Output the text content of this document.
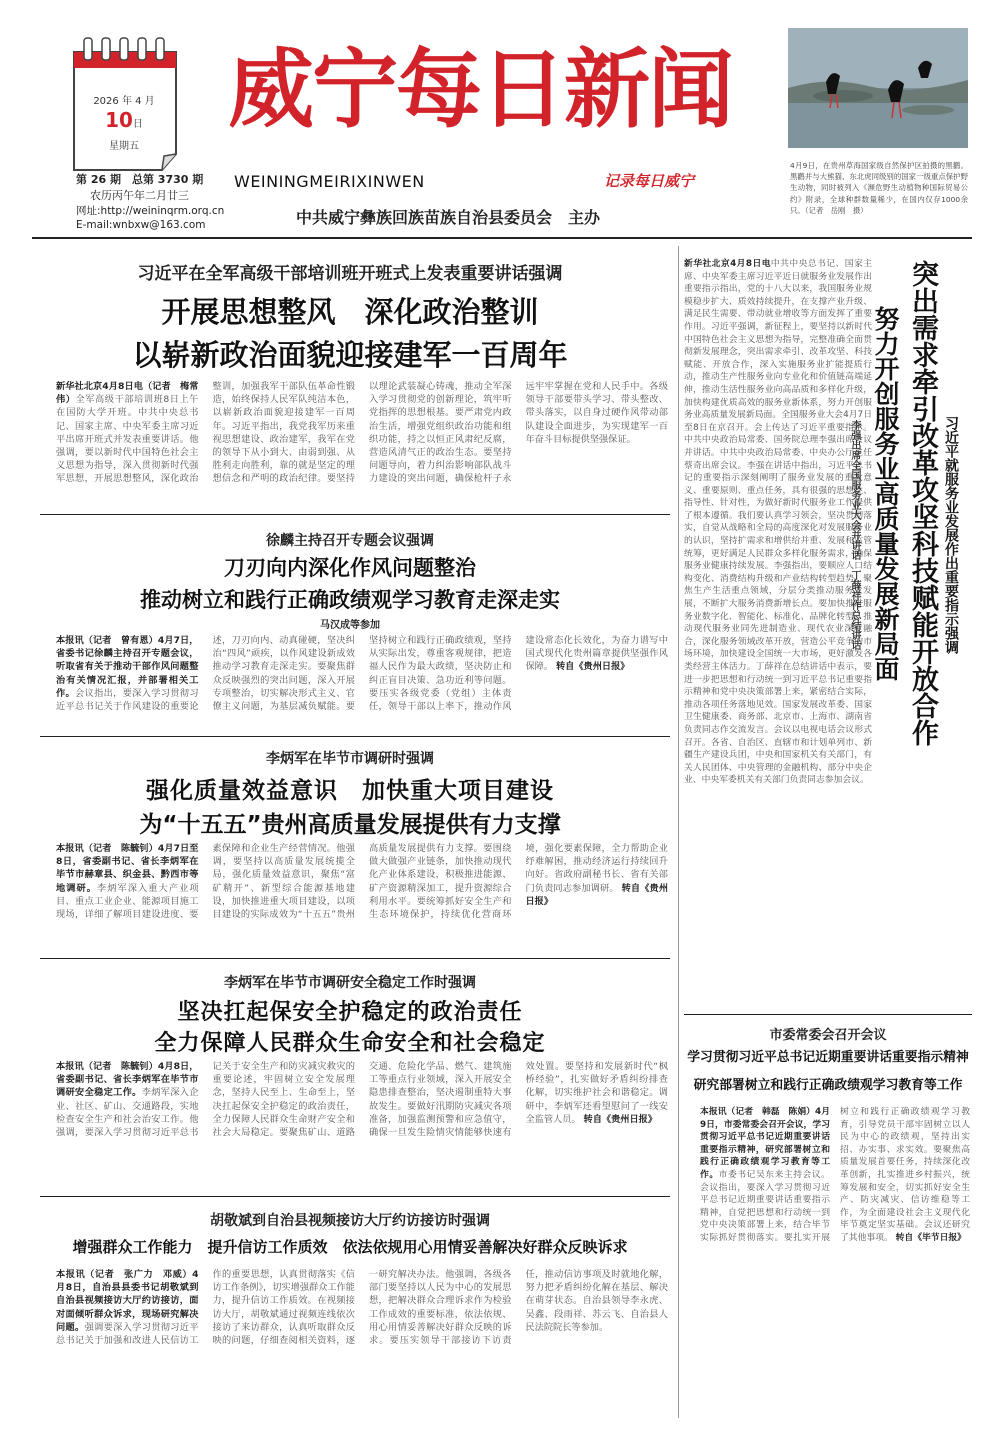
2026 年 4 月
10日
星期五
第 26 期　总第 3730 期
农历丙午年二月廿三
网址:http://weininqrm.orq.cn
E-mail:wnbxw@163.com
威宁每日新闻
WEININGMEIRIXINWEN	记录每日威宁
中共威宁彝族回族苗族自治县委员会　主办
4月9日，在贵州草海国家级自然保护区拍摄的黑鹳。黑鹳并与大熊猫、东北虎同级别的国家一级重点保护野生动物，同时被列入《濒危野生动植物种国际贸易公约》附录，全球种群数量稀少，在国内仅存1000余只。（记者　岳刚　摄）
习近平在全军高级干部培训班开班式上发表重要讲话强调
开展思想整风　深化政治整训
以崭新政治面貌迎接建军一百周年
新华社北京4月8日电（记者　梅常伟）全军高级干部培训班8日上午在国防大学开班。中共中央总书记、国家主席、中央军委主席习近平出席开班式并发表重要讲话。他强调，要以新时代中国特色社会主义思想为指导，深入贯彻新时代强军思想，开展思想整风，深化政治整训，加强我军干部队伍革命性锻造，始终保持人民军队纯洁本色，以崭新政治面貌迎接建军一百周年。习近平指出，我党我军历来重视思想建设、政治建军，我军在党的领导下从小到大、由弱到强、从胜利走向胜利，靠的就是坚定的理想信念和严明的政治纪律。要坚持以理论武装凝心铸魂，推动全军深入学习贯彻党的创新理论，筑牢听党指挥的思想根基。要严肃党内政治生活，增强党组织政治功能和组织功能，持之以恒正风肃纪反腐，营造风清气正的政治生态。要坚持问题导向，着力纠治影响部队战斗力建设的突出问题，确保枪杆子永远牢牢掌握在党和人民手中。各级领导干部要带头学习、带头整改、带头落实，以自身过硬作风带动部队建设全面进步，为实现建军一百年奋斗目标提供坚强保证。
徐麟主持召开专题会议强调
刀刃向内深化作风问题整治
推动树立和践行正确政绩观学习教育走深走实
马汉成等参加
本报讯（记者　曾有恩）4月7日，省委书记徐麟主持召开专题会议，听取省有关于推动干部作风问题整治有关情况汇报，并部署相关工作。会议指出，要深入学习贯彻习近平总书记关于作风建设的重要论述，刀刃向内、动真碰硬，坚决纠治“四风”顽疾，以作风建设新成效推动学习教育走深走实。要聚焦群众反映强烈的突出问题，深入开展专项整治，切实解决形式主义、官僚主义问题，为基层减负赋能。要坚持树立和践行正确政绩观，坚持从实际出发，尊重客观规律，把造福人民作为最大政绩，坚决防止和纠正盲目决策、急功近利等问题。要压实各级党委（党组）主体责任，领导干部以上率下，推动作风建设常态化长效化，为奋力谱写中国式现代化贵州篇章提供坚强作风保障。 转自《贵州日报》
李炳军在毕节市调研时强调
强化质量效益意识　加快重大项目建设
为“十五五”贵州高质量发展提供有力支撑
本报讯（记者　陈毓钊）4月7日至8日，省委副书记、省长李炳军在毕节市赫章县、织金县、黔西市等地调研。李炳军深入重大产业项目、重点工业企业、能源项目施工现场，详细了解项目建设进度、要素保障和企业生产经营情况。他强调，要坚持以高质量发展统揽全局，强化质量效益意识，聚焦“富矿精开”、新型综合能源基地建设，加快推进重大项目建设，以项目建设的实际成效为“十五五”贵州高质量发展提供有力支撑。要围绕做大做强产业链条，加快推动现代化产业体系建设，积极推进能源、矿产资源精深加工，提升资源综合利用水平。要统筹抓好安全生产和生态环境保护，持续优化营商环境，强化要素保障，全力帮助企业纾难解困，推动经济运行持续回升向好。省政府副秘书长、省有关部门负责同志参加调研。 转自《贵州日报》
李炳军在毕节市调研安全稳定工作时强调
坚决扛起保安全护稳定的政治责任
全力保障人民群众生命安全和社会稳定
本报讯（记者　陈毓钊）4月8日，省委副书记、省长李炳军在毕节市调研安全稳定工作。李炳军深入企业、社区、矿山、交通路段，实地检查安全生产和社会治安工作。他强调，要深入学习贯彻习近平总书记关于安全生产和防灾减灾救灾的重要论述，牢固树立安全发展理念，坚持人民至上、生命至上，坚决扛起保安全护稳定的政治责任，全力保障人民群众生命财产安全和社会大局稳定。要聚焦矿山、道路交通、危险化学品、燃气、建筑施工等重点行业领域，深入开展安全隐患排查整治，坚决遏制重特大事故发生。要做好汛期防灾减灾各项准备，加强监测预警和应急值守，确保一旦发生险情灾情能够快速有效处置。要坚持和发展新时代“枫桥经验”，扎实做好矛盾纠纷排查化解，切实维护社会和谐稳定。调研中，李炳军还看望慰问了一线安全监管人员。 转自《贵州日报》
胡敬斌到自治县视频接访大厅约访接访时强调
增强群众工作能力　提升信访工作质效　依法依规用心用情妥善解决好群众反映诉求
本报讯（记者　张广力　邓威）4月8日，自治县县委书记胡敬斌到自治县视频接访大厅约访接访，面对面倾听群众诉求，现场研究解决问题。强调要深入学习贯彻习近平总书记关于加强和改进人民信访工作的重要思想，认真贯彻落实《信访工作条例》，切实增强群众工作能力，提升信访工作质效。在视频接访大厅，胡敬斌通过视频连线依次接访了来访群众，认真听取群众反映的问题，仔细查阅相关资料，逐一研究解决办法。他强调，各级各部门要坚持以人民为中心的发展思想，把解决群众合理诉求作为检验工作成效的重要标准，依法依规、用心用情妥善解决好群众反映的诉求。要压实领导干部接访下访责任，推动信访事项及时就地化解，努力把矛盾纠纷化解在基层、解决在萌芽状态。自治县领导李永虎、吴鑫、段雨祥、苏云飞、自治县人民法院院长等参加。
新华社北京4月8日电中共中央总书记、国家主席、中央军委主席习近平近日就服务业发展作出重要指示指出，党的十八大以来，我国服务业规模稳步扩大、质效持续提升，在支撑产业升级、满足民生需要、带动就业增收等方面发挥了重要作用。习近平强调，新征程上，要坚持以新时代中国特色社会主义思想为指导，完整准确全面贯彻新发展理念，突出需求牵引、改革攻坚、科技赋能、开放合作，深入实施服务业扩能提质行动，推动生产性服务业向专业化和价值链高端延伸，推动生活性服务业向高品质和多样化升级，加快构建优质高效的服务业新体系，努力开创服务业高质量发展新局面。全国服务业大会4月7日至8日在京召开。会上传达了习近平重要指示。中共中央政治局常委、国务院总理李强出席会议并讲话。中共中央政治局常委、中央办公厅主任蔡奇出席会议。李强在讲话中指出，习近平总书记的重要指示深刻阐明了服务业发展的重大意义、重要原则、重点任务，具有很强的思想性、指导性、针对性，为做好新时代服务业工作提供了根本遵循。我们要认真学习领会，坚决贯彻落实，自觉从战略和全局的高度深化对发展服务业的认识，坚持扩需求和增供给并重、发展和监管统筹，更好满足人民群众多样化服务需求，确保服务业健康持续发展。李强指出，要顺应人口结构变化、消费结构升级和产业结构转型趋势，聚焦生产生活重点领域，分层分类推动服务业发展，不断扩大服务消费新增长点。要加快推进服务业数字化、智能化、标准化、品牌化转型，推动现代服务业同先进制造业、现代农业深度融合，深化服务领域改革开放，营造公平竞争的市场环境，加快建设全国统一大市场，更好激发各类经营主体活力。丁薛祥在总结讲话中表示，要进一步把思想和行动统一到习近平总书记重要指示精神和党中央决策部署上来，紧密结合实际，推动各项任务落地见效。国家发展改革委、国家卫生健康委、商务部、北京市、上海市、湖南省负责同志作交流发言。会议以电视电话会议形式召开。各省、自治区、直辖市和计划单列市、新疆生产建设兵团，中央和国家机关有关部门，有关人民团体、中央管理的金融机构、部分中央企业、中央军委机关有关部门负责同志参加会议。
突出需求牵引改革攻坚科技赋能开放合作
努力开创服务业高质量发展新局面	习近平就服务业发展作出重要指示强调
李强出席全国服务业大会并讲话　丁薛祥作总结讲话
市委常委会召开会议
学习贯彻习近平总书记近期重要讲话重要指示精神
研究部署树立和践行正确政绩观学习教育等工作
本报讯（记者　韩磊　陈娟）4月9日，市委常委会召开会议，学习贯彻习近平总书记近期重要讲话重要指示精神，研究部署树立和践行正确政绩观学习教育等工作。市委书记吴东来主持会议。会议指出，要深入学习贯彻习近平总书记近期重要讲话重要指示精神，自觉把思想和行动统一到党中央决策部署上来，结合毕节实际抓好贯彻落实。要扎实开展树立和践行正确政绩观学习教育，引导党员干部牢固树立以人民为中心的政绩观，坚持出实招、办实事、求实效。要聚焦高质量发展首要任务，持续深化改革创新，扎实推进乡村振兴，统筹发展和安全，切实抓好安全生产、防灾减灾、信访维稳等工作，为全面建设社会主义现代化毕节奠定坚实基础。会议还研究了其他事项。 转自《毕节日报》
